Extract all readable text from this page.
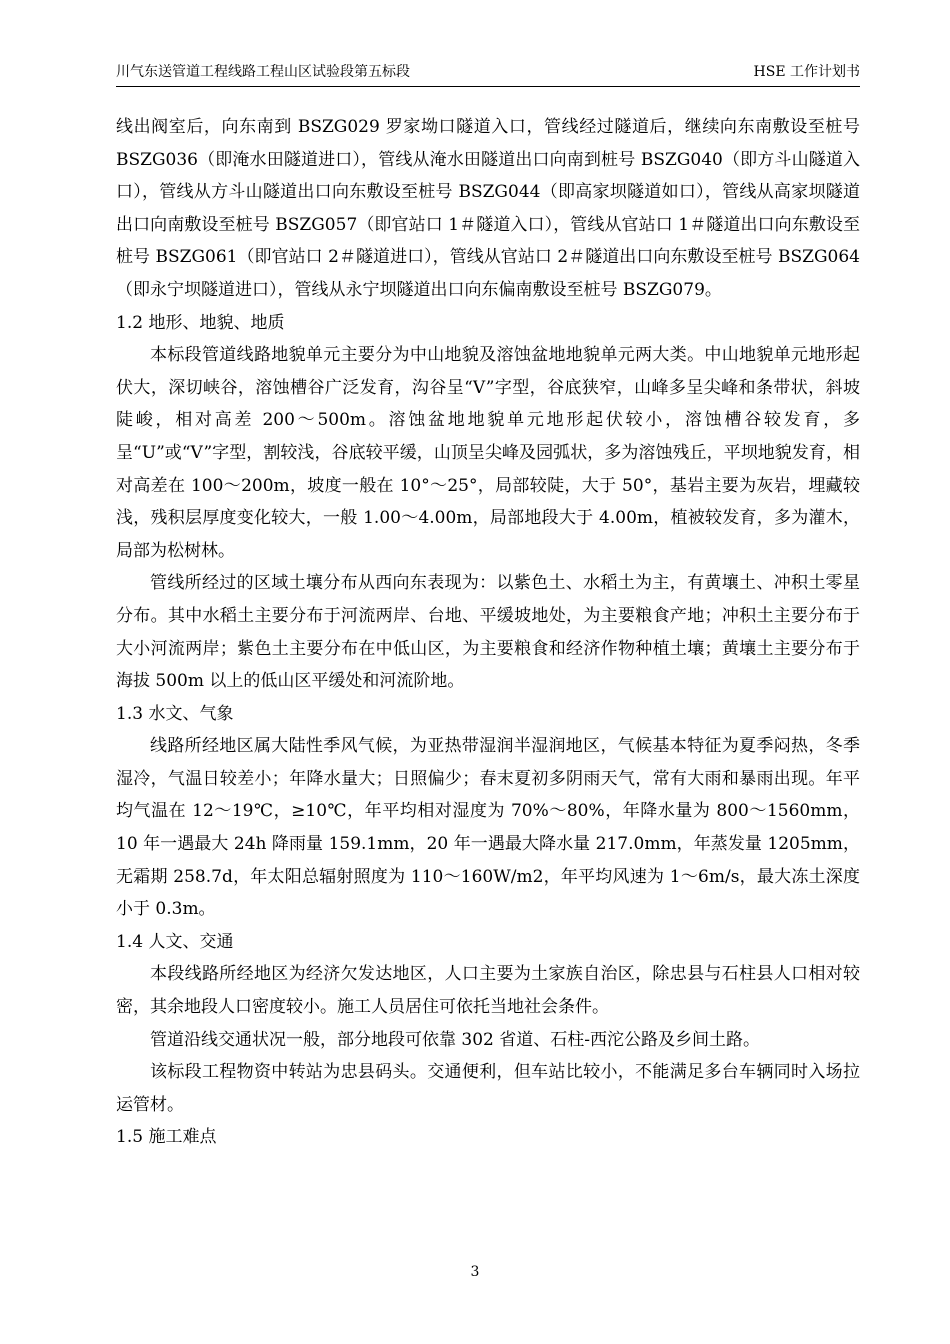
川气东送管道工程线路工程山区试验段第五标段	HSE 工作计划书

线出阀室后，向东南到 BSZG029 罗家坳口隧道入口，管线经过隧道后，继续向东南敷设至桩号 BSZG036（即淹水田隧道进口），管线从淹水田隧道出口向南到桩号 BSZG040（即方斗山隧道入口），管线从方斗山隧道出口向东敷设至桩号 BSZG044（即高家坝隧道如口），管线从高家坝隧道出口向南敷设至桩号 BSZG057（即官站口 1＃隧道入口），管线从官站口 1＃隧道出口向东敷设至桩号 BSZG061（即官站口 2＃隧道进口），管线从官站口 2＃隧道出口向东敷设至桩号 BSZG064（即永宁坝隧道进口），管线从永宁坝隧道出口向东偏南敷设至桩号 BSZG079。

1.2 地形、地貌、地质

本标段管道线路地貌单元主要分为中山地貌及溶蚀盆地地貌单元两大类。中山地貌单元地形起伏大，深切峡谷，溶蚀槽谷广泛发育，沟谷呈“V”字型，谷底狭窄，山峰多呈尖峰和条带状，斜坡陡峻，相对高差 200～500m。溶蚀盆地地貌单元地形起伏较小，溶蚀槽谷较发育，多呈“U”或“V”字型，割较浅，谷底较平缓，山顶呈尖峰及园弧状，多为溶蚀残丘，平坝地貌发育，相对高差在 100～200m，坡度一般在 10°～25°，局部较陡，大于 50°，基岩主要为灰岩，埋藏较浅，残积层厚度变化较大，一般 1.00～4.00m，局部地段大于 4.00m，植被较发育，多为灌木，局部为松树林。

管线所经过的区域土壤分布从西向东表现为：以紫色土、水稻土为主，有黄壤土、冲积土零星分布。其中水稻土主要分布于河流两岸、台地、平缓坡地处，为主要粮食产地；冲积土主要分布于大小河流两岸；紫色土主要分布在中低山区，为主要粮食和经济作物种植土壤；黄壤土主要分布于海拔 500m 以上的低山区平缓处和河流阶地。

1.3 水文、气象

线路所经地区属大陆性季风气候，为亚热带湿润半湿润地区，气候基本特征为夏季闷热，冬季湿冷，气温日较差小；年降水量大；日照偏少；春末夏初多阴雨天气，常有大雨和暴雨出现。年平均气温在 12～19℃，≥10℃，年平均相对湿度为 70%～80%，年降水量为 800～1560mm，10 年一遇最大 24h 降雨量 159.1mm，20 年一遇最大降水量 217.0mm，年蒸发量 1205mm，无霜期 258.7d，年太阳总辐射照度为 110～160W/m2，年平均风速为 1～6m/s，最大冻土深度小于 0.3m。

1.4 人文、交通

本段线路所经地区为经济欠发达地区，人口主要为土家族自治区，除忠县与石柱县人口相对较密，其余地段人口密度较小。施工人员居住可依托当地社会条件。

管道沿线交通状况一般，部分地段可依靠 302 省道、石柱-西沱公路及乡间土路。

该标段工程物资中转站为忠县码头。交通便利，但车站比较小，不能满足多台车辆同时入场拉运管材。

1.5 施工难点

3
